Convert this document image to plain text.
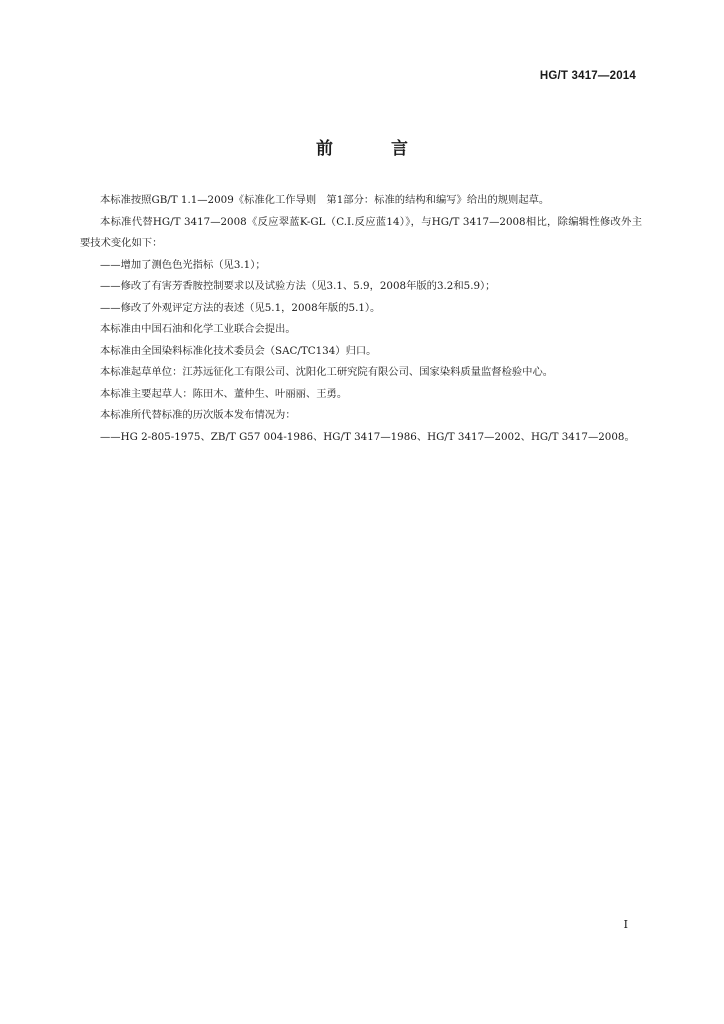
HG/T 3417—2014
前 言
本标准按照GB/T 1.1—2009《标准化工作导则　第1部分：标准的结构和编写》给出的规则起草。
本标准代替HG/T 3417—2008《反应翠蓝K-GL（C.I.反应蓝14）》，与HG/T 3417—2008相比，除编辑性修改外主要技术变化如下：
——增加了测色色光指标（见3.1）；
——修改了有害芳香胺控制要求以及试验方法（见3.1、5.9，2008年版的3.2和5.9）；
——修改了外观评定方法的表述（见5.1，2008年版的5.1）。
本标准由中国石油和化学工业联合会提出。
本标准由全国染料标准化技术委员会（SAC/TC134）归口。
本标准起草单位：江苏远征化工有限公司、沈阳化工研究院有限公司、国家染料质量监督检验中心。
本标准主要起草人：陈田木、董仲生、叶丽丽、王勇。
本标准所代替标准的历次版本发布情况为：
——HG 2-805-1975、ZB/T G57 004-1986、HG/T 3417—1986、HG/T 3417—2002、HG/T 3417—2008。
I
